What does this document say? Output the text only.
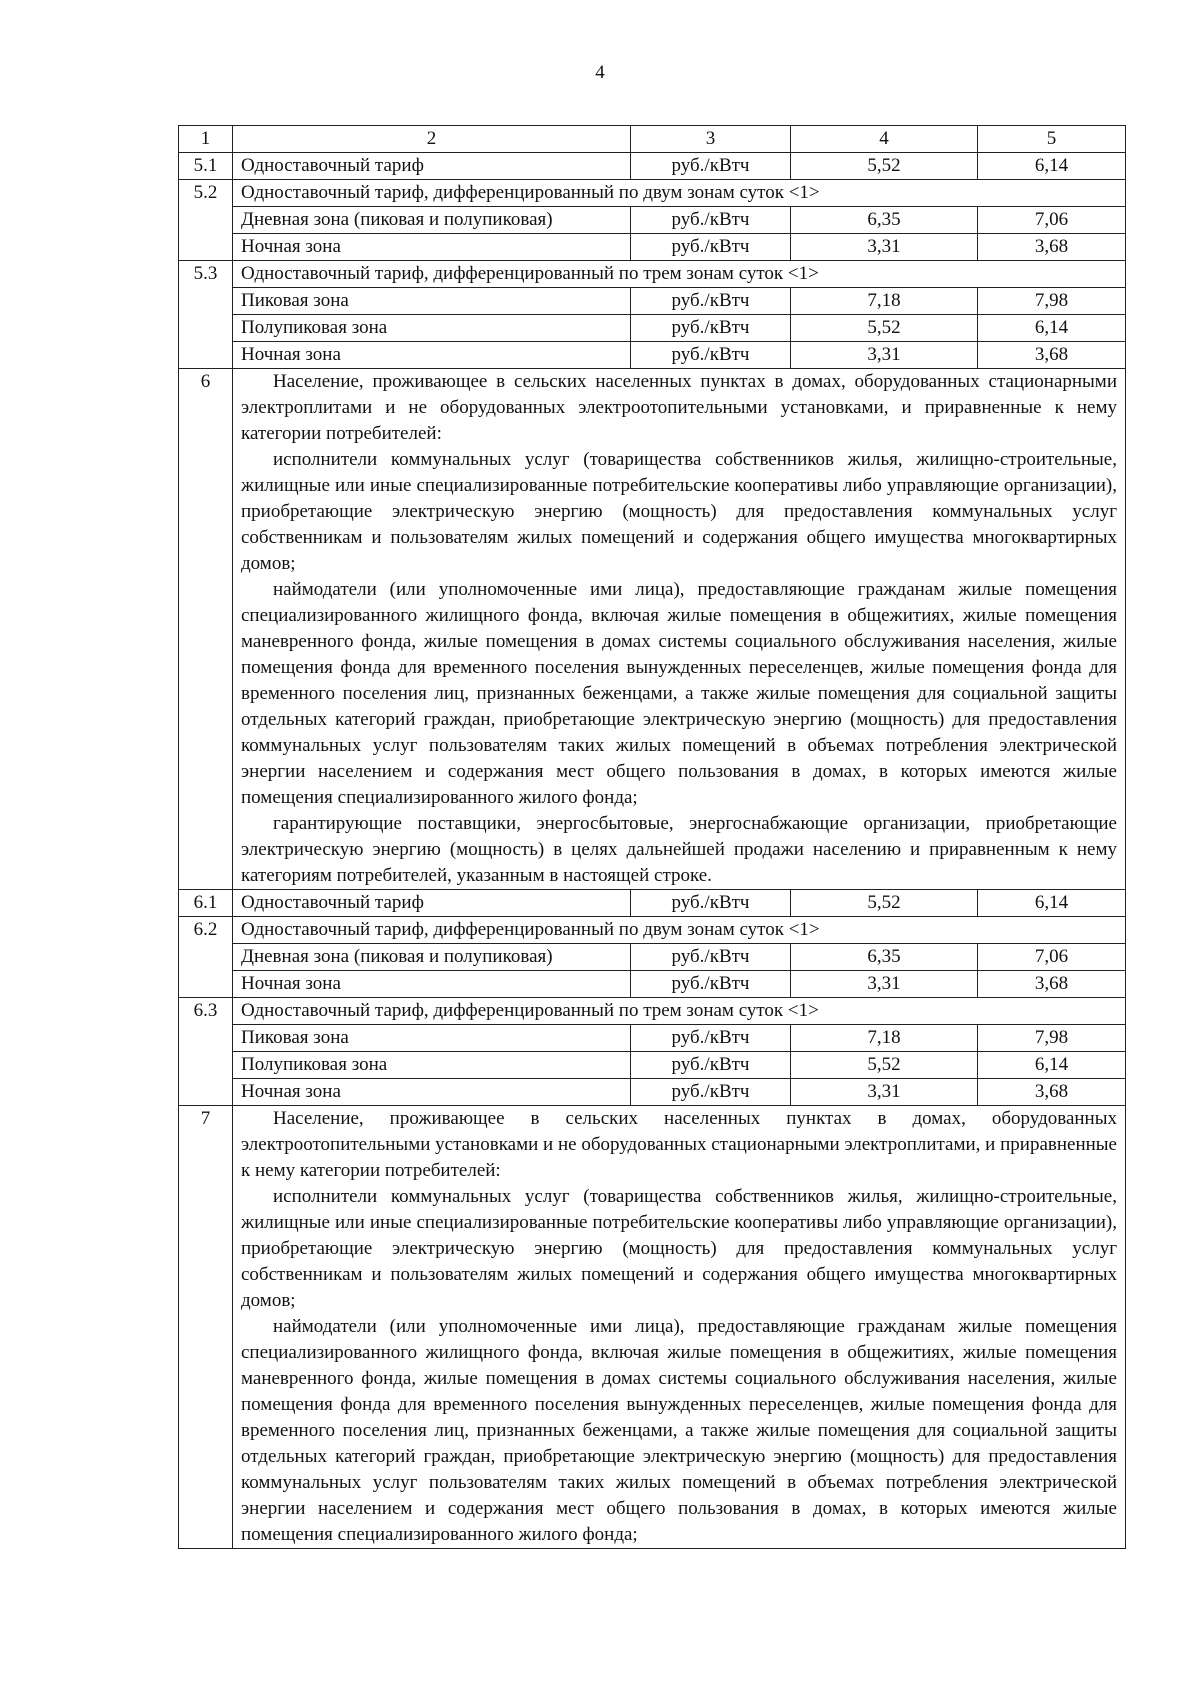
4
1	2	3	4	5
5.1	Одноставочный тариф	руб./кВтч	5,52	6,14
5.2	Одноставочный тариф, дифференцированный по двум зонам суток <1>			
	Дневная зона (пиковая и полупиковая)	руб./кВтч	6,35	7,06
	Ночная зона	руб./кВтч	3,31	3,68
5.3	Одноставочный тариф, дифференцированный по трем зонам суток <1>			
	Пиковая зона	руб./кВтч	7,18	7,98
	Полупиковая зона	руб./кВтч	5,52	6,14
	Ночная зона	руб./кВтч	3,31	3,68
6	Население, проживающее в сельских населенных пунктах в домах, оборудованных стационарными электроплитами и не оборудованных электроотопительными установками, и приравненные к нему категории потребителей:

исполнители коммунальных услуг (товарищества собственников жилья, жилищно-строительные, жилищные или иные специализированные потребительские кооперативы либо управляющие организации), приобретающие электрическую энергию (мощность) для предоставления коммунальных услуг собственникам и пользователям жилых помещений и содержания общего имущества многоквартирных домов;

наймодатели (или уполномоченные ими лица), предоставляющие гражданам жилые помещения специализированного жилищного фонда, включая жилые помещения в общежитиях, жилые помещения маневренного фонда, жилые помещения в домах системы социального обслуживания населения, жилые помещения фонда для временного поселения вынужденных переселенцев, жилые помещения фонда для временного поселения лиц, признанных беженцами, а также жилые помещения для социальной защиты отдельных категорий граждан, приобретающие электрическую энергию (мощность) для предоставления коммунальных услуг пользователям таких жилых помещений в объемах потребления электрической энергии населением и содержания мест общего пользования в домах, в которых имеются жилые помещения специализированного жилого фонда;

гарантирующие поставщики, энергосбытовые, энергоснабжающие организации, приобретающие электрическую энергию (мощность) в целях дальнейшей продажи населению и приравненным к нему категориям потребителей, указанным в настоящей строке.			

6.1	Одноставочный тариф	руб./кВтч	5,52	6,14
6.2	Одноставочный тариф, дифференцированный по двум зонам суток <1>			
	Дневная зона (пиковая и полупиковая)	руб./кВтч	6,35	7,06
	Ночная зона	руб./кВтч	3,31	3,68
6.3	Одноставочный тариф, дифференцированный по трем зонам суток <1>			
	Пиковая зона	руб./кВтч	7,18	7,98
	Полупиковая зона	руб./кВтч	5,52	6,14
	Ночная зона	руб./кВтч	3,31	3,68
7	Население, проживающее в сельских населенных пунктах в домах, оборудованных электроотопительными установками и не оборудованных стационарными электроплитами, и приравненные к нему категории потребителей:

исполнители коммунальных услуг (товарищества собственников жилья, жилищно-строительные, жилищные или иные специализированные потребительские кооперативы либо управляющие организации), приобретающие электрическую энергию (мощность) для предоставления коммунальных услуг собственникам и пользователям жилых помещений и содержания общего имущества многоквартирных домов;

наймодатели (или уполномоченные ими лица), предоставляющие гражданам жилые помещения специализированного жилищного фонда, включая жилые помещения в общежитиях, жилые помещения маневренного фонда, жилые помещения в домах системы социального обслуживания населения, жилые помещения фонда для временного поселения вынужденных переселенцев, жилые помещения фонда для временного поселения лиц, признанных беженцами, а также жилые помещения для социальной защиты отдельных категорий граждан, приобретающие электрическую энергию (мощность) для предоставления коммунальных услуг пользователям таких жилых помещений в объемах потребления электрической энергии населением и содержания мест общего пользования в домах, в которых имеются жилые помещения специализированного жилого фонда;			
